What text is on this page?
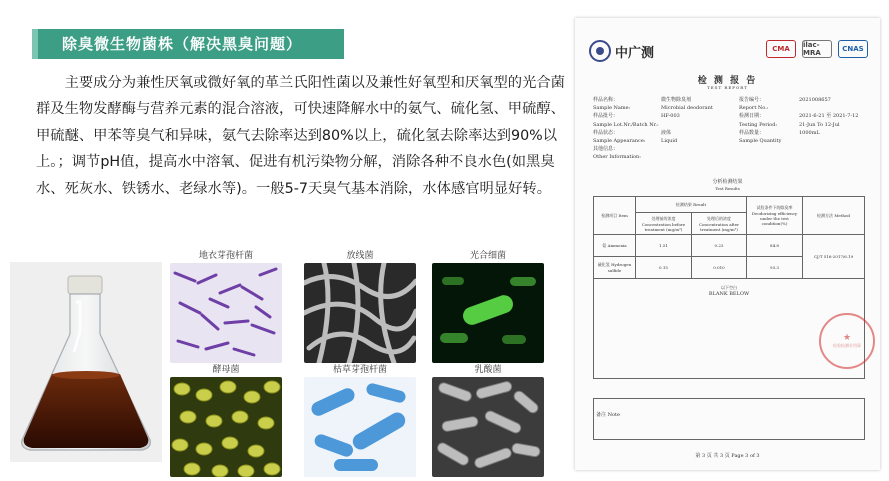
除臭微生物菌株（解决黑臭问题）

主要成分为兼性厌氧或微好氧的革兰氏阳性菌以及兼性好氧型和厌氧型的光合菌群及生物发酵酶与营养元素的混合溶液，可快速降解水中的氨气、硫化氢、甲硫醇、甲硫醚、甲苯等臭气和异味，氨气去除率达到80%以上，硫化氢去除率达到90%以上。；调节pH值，提高水中溶氧、促进有机污染物分解，消除各种不良水色(如黑臭水、死灰水、铁锈水、老绿水等)。一般5-7天臭气基本消除，水体感官明显好转。

地衣芽孢杆菌	放线菌	光合细菌
酵母菌	枯草芽孢杆菌	乳酸菌
中广测	CMA	ilac-MRA	CNAS
检 测 报 告
TEST REPORT
样品名称：	微生物除臭剂	报告编号：	2021008657
Sample Name:	Microbial deodorant	Report No.:
样品批号：	HF-003	检测日期：	2021-6-21 至 2021-7-12
Sample Lot.Nr./Batch Nr.:	Testing Period:	21-Jun To 12-Jul
样品状态：	液体	样品数量：	1000mL
Sample Appearance:	Liquid	Sample Quantity
其他信息：
Other Information:
分析检测结果
Test Results
检测项目 Item	检测结果 Result		试验条件下的除臭率 Deodorizing efficiency under the test condition(%)	检测方法 Method
	处理前的浓度 Concentration before treatment (mg/m³)	处理后的浓度 Concentration after treatment (mg/m³)		
氨 Ammonia	1.51	0.23	84.8	CJ/T 516-2017/6.19
硫化氢 Hydrogen sulfide	0.15	0.010	93.3	

以下空白
BLANK BELOW				
备注 Note
第 3 页 共 3 页 Page 3 of 3
★
检验检测专用章
